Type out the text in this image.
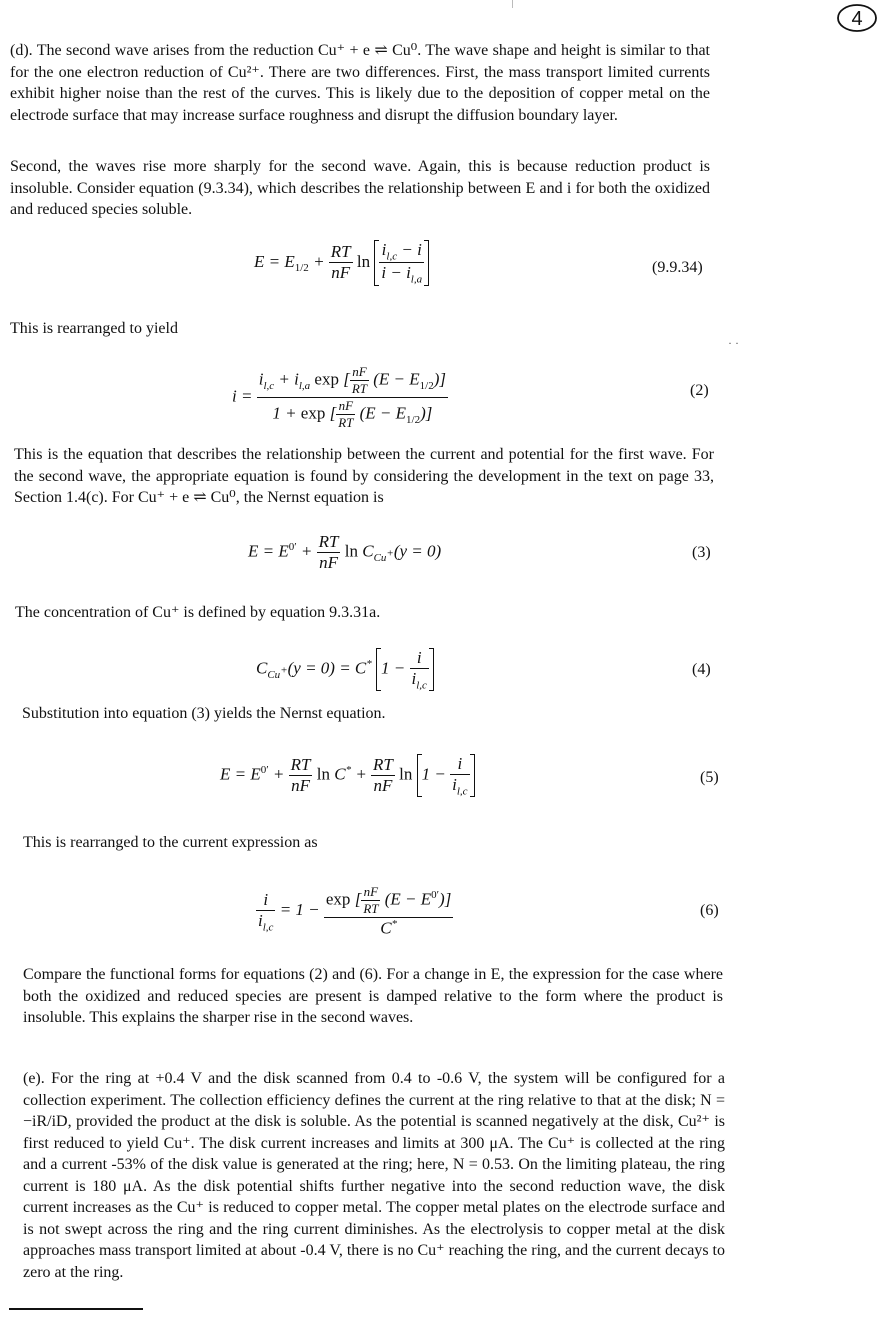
4
(d). The second wave arises from the reduction Cu⁺ + e ⇌ Cu⁰. The wave shape and height is similar to that for the one electron reduction of Cu²⁺. There are two differences. First, the mass transport limited currents exhibit higher noise than the rest of the curves. This is likely due to the deposition of copper metal on the electrode surface that may increase surface roughness and disrupt the diffusion boundary layer.
Second, the waves rise more sharply for the second wave. Again, this is because reduction product is insoluble. Consider equation (9.3.34), which describes the relationship between E and i for both the oxidized and reduced species soluble.
$E = E_{1/2} + \frac{RT}{nF}$ $\ln \frac{i_{l,c} - i}{i - i_{l,a}}$	(9.9.34)
This is rearranged to yield
· ·
$i = \frac{i_{l,c} + i_{l,a} \exp [ \frac{nF}{RT} (E - E_{1/2})]}{1 + \exp [ \frac{nF}{RT} (E - E_{1/2})]}$	(2)
This is the equation that describes the relationship between the current and potential for the first wave. For the second wave, the appropriate equation is found by considering the development in the text on page 33, Section 1.4(c). For Cu⁺ + e ⇌ Cu⁰, the Nernst equation is
$E = E^{0'} + \frac{RT}{nF}$ $\ln C_{Cu^+}(y = 0)$	(3)
The concentration of Cu⁺ is defined by equation 9.3.31a.
$C_{Cu^+}(y = 0) = C^*$ $1 - \frac{i}{i_{l,c}}$	(4)
Substitution into equation (3) yields the Nernst equation.
$E = E^{0'} + \frac{RT}{nF}$ $\ln C^* + \frac{RT}{nF}$ $\ln 1 - \frac{i}{i_{l,c}}$	(5)
This is rearranged to the current expression as
$\frac{i}{i_{l,c}} = 1 - \frac{\exp [ \frac{nF}{RT} (E - E^{0'})]}{C^*}$	(6)
Compare the functional forms for equations (2) and (6). For a change in E, the expression for the case where both the oxidized and reduced species are present is damped relative to the form where the product is insoluble. This explains the sharper rise in the second waves.
(e). For the ring at +0.4 V and the disk scanned from 0.4 to -0.6 V, the system will be configured for a collection experiment. The collection efficiency defines the current at the ring relative to that at the disk; N = −iR/iD, provided the product at the disk is soluble. As the potential is scanned negatively at the disk, Cu²⁺ is first reduced to yield Cu⁺. The disk current increases and limits at 300 μA. The Cu⁺ is collected at the ring and a current -53% of the disk value is generated at the ring; here, N = 0.53. On the limiting plateau, the ring current is 180 μA. As the disk potential shifts further negative into the second reduction wave, the disk current increases as the Cu⁺ is reduced to copper metal. The copper metal plates on the electrode surface and is not swept across the ring and the ring current diminishes. As the electrolysis to copper metal at the disk approaches mass transport limited at about -0.4 V, there is no Cu⁺ reaching the ring, and the current decays to zero at the ring.
